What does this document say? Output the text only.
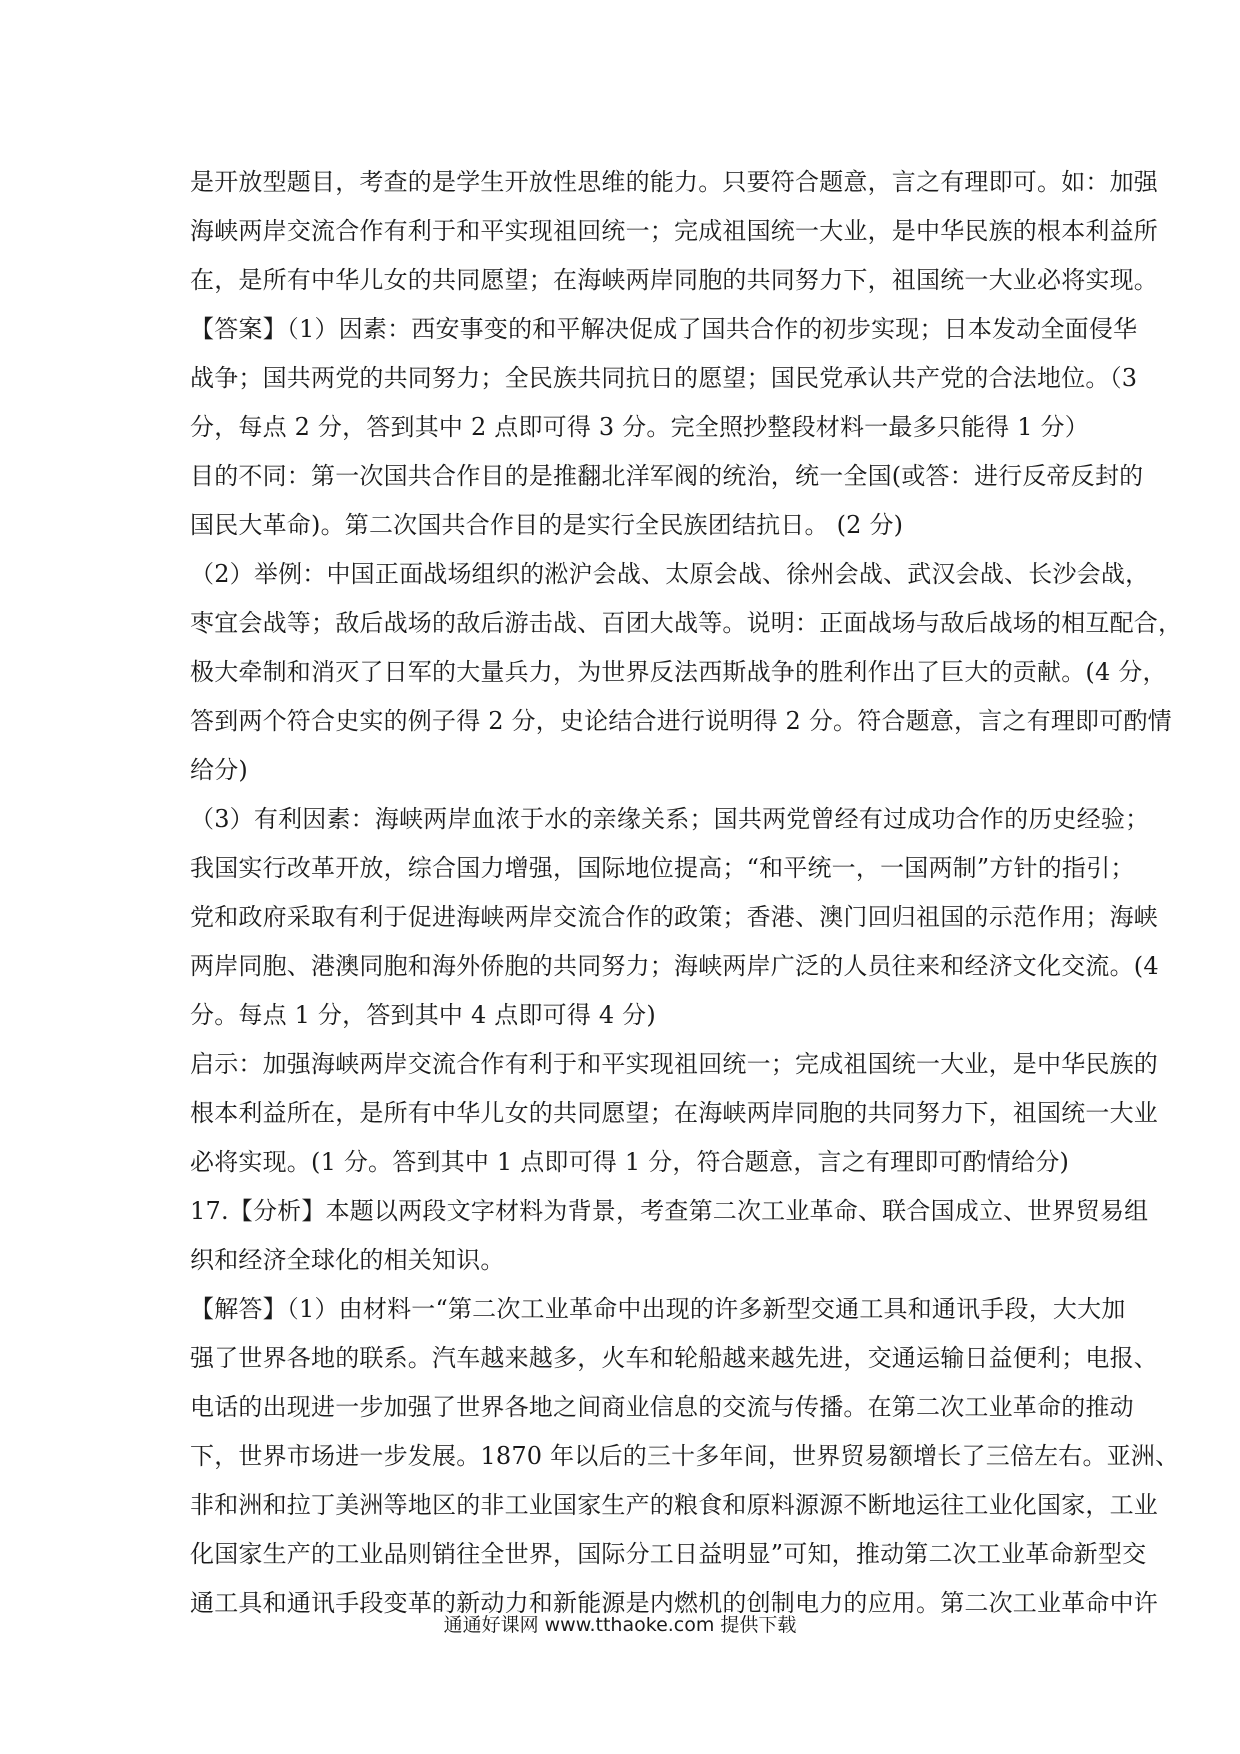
是开放型题目，考查的是学生开放性思维的能力。只要符合题意，言之有理即可。如：加强
海峡两岸交流合作有利于和平实现祖回统一；完成祖国统一大业，是中华民族的根本利益所
在，是所有中华儿女的共同愿望；在海峡两岸同胞的共同努力下，祖国统一大业必将实现。
【答案】（1）因素：西安事变的和平解决促成了国共合作的初步实现；日本发动全面侵华
战争；国共两党的共同努力；全民族共同抗日的愿望；国民党承认共产党的合法地位。（3
分，每点 2 分，答到其中 2 点即可得 3 分。完全照抄整段材料一最多只能得 1 分）
目的不同：第一次国共合作目的是推翻北洋军阀的统治，统一全国(或答：进行反帝反封的
国民大革命)。第二次国共合作目的是实行全民族团结抗日。 (2 分)
（2）举例：中国正面战场组织的淞沪会战、太原会战、徐州会战、武汉会战、长沙会战，
枣宜会战等；敌后战场的敌后游击战、百团大战等。说明：正面战场与敌后战场的相互配合，
极大牵制和消灭了日军的大量兵力，为世界反法西斯战争的胜利作出了巨大的贡献。(4 分，
答到两个符合史实的例子得 2 分，史论结合进行说明得 2 分。符合题意，言之有理即可酌情
给分)
（3）有利因素：海峡两岸血浓于水的亲缘关系；国共两党曾经有过成功合作的历史经验；
我国实行改革开放，综合国力增强，国际地位提高；“和平统一，一国两制”方针的指引；
党和政府采取有利于促进海峡两岸交流合作的政策；香港、澳门回归祖国的示范作用；海峡
两岸同胞、港澳同胞和海外侨胞的共同努力；海峡两岸广泛的人员往来和经济文化交流。(4
分。每点 1 分，答到其中 4 点即可得 4 分)
启示：加强海峡两岸交流合作有利于和平实现祖回统一；完成祖国统一大业，是中华民族的
根本利益所在，是所有中华儿女的共同愿望；在海峡两岸同胞的共同努力下，祖国统一大业
必将实现。(1 分。答到其中 1 点即可得 1 分，符合题意，言之有理即可酌情给分)
17.【分析】本题以两段文字材料为背景，考查第二次工业革命、联合国成立、世界贸易组
织和经济全球化的相关知识。
【解答】（1）由材料一“第二次工业革命中出现的许多新型交通工具和通讯手段，大大加
强了世界各地的联系。汽车越来越多，火车和轮船越来越先进，交通运输日益便利；电报、
电话的出现进一步加强了世界各地之间商业信息的交流与传播。在第二次工业革命的推动
下，世界市场进一步发展。1870 年以后的三十多年间，世界贸易额增长了三倍左右。亚洲、
非和洲和拉丁美洲等地区的非工业国家生产的粮食和原料源源不断地运往工业化国家，工业
化国家生产的工业品则销往全世界，国际分工日益明显”可知，推动第二次工业革命新型交
通工具和通讯手段变革的新动力和新能源是内燃机的创制电力的应用。第二次工业革命中许
通通好课网 www.tthaoke.com 提供下载
